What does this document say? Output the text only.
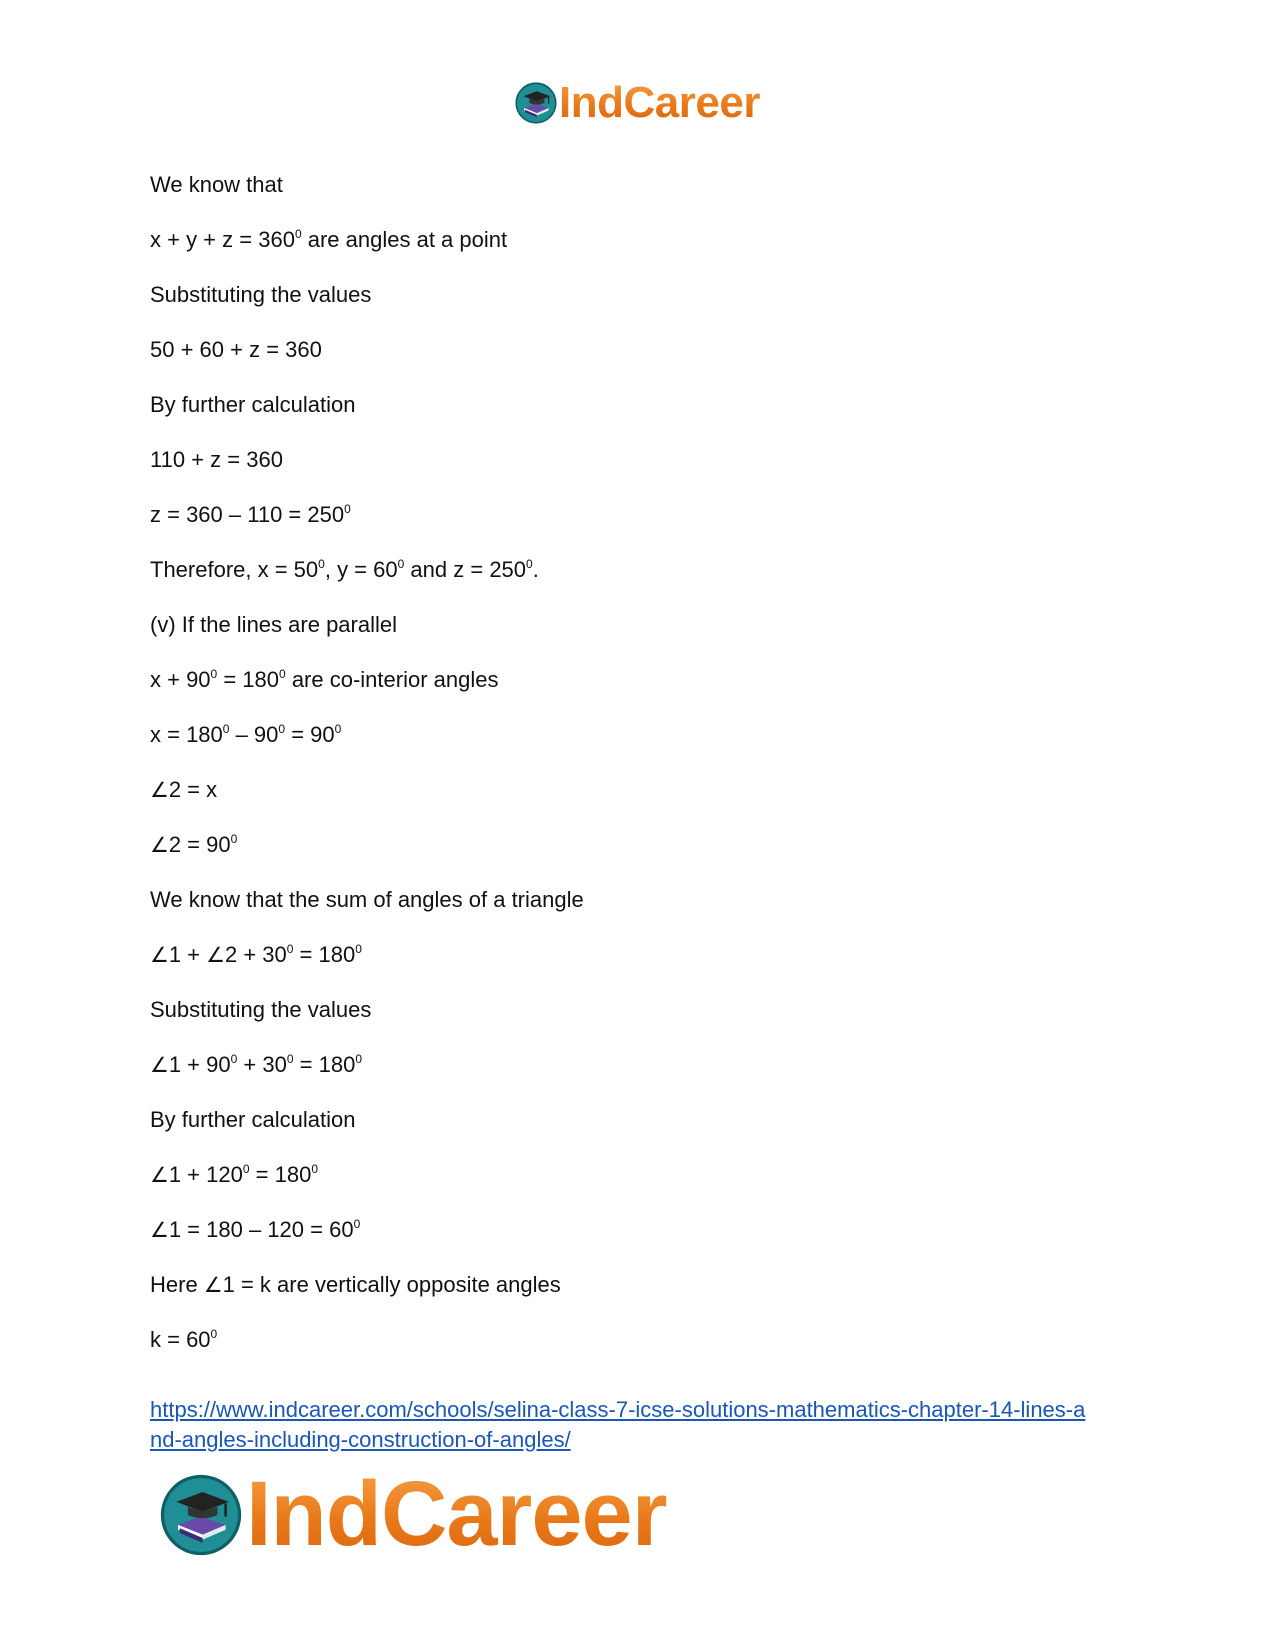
IndCareer
We know that
$x + y + z = 360^0$ are angles at a point
Substituting the values
50 + 60 + z = 360
By further calculation
110 + z = 360
$z = 360 - 110 = 250^0$
Therefore, $x = 50^0$, $y = 60^0$ and $z = 250^0$.
(v) If the lines are parallel
$x + 90^0 = 180^0$ are co-interior angles
$x = 180^0 - 90^0 = 90^0$
∠2 = x
∠2 = $90^0$
We know that the sum of angles of a triangle
∠1 + ∠2 + $30^0 = 180^0$
Substituting the values
∠1 + $90^0 + 30^0 = 180^0$
By further calculation
∠1 + $120^0 = 180^0$
∠1 = $180 - 120 = 60^0$
Here ∠1 = k are vertically opposite angles
$k = 60^0$
https://www.indcareer.com/schools/selina-class-7-icse-solutions-mathematics-chapter-14-lines-a
nd-angles-including-construction-of-angles/
IndCareer
